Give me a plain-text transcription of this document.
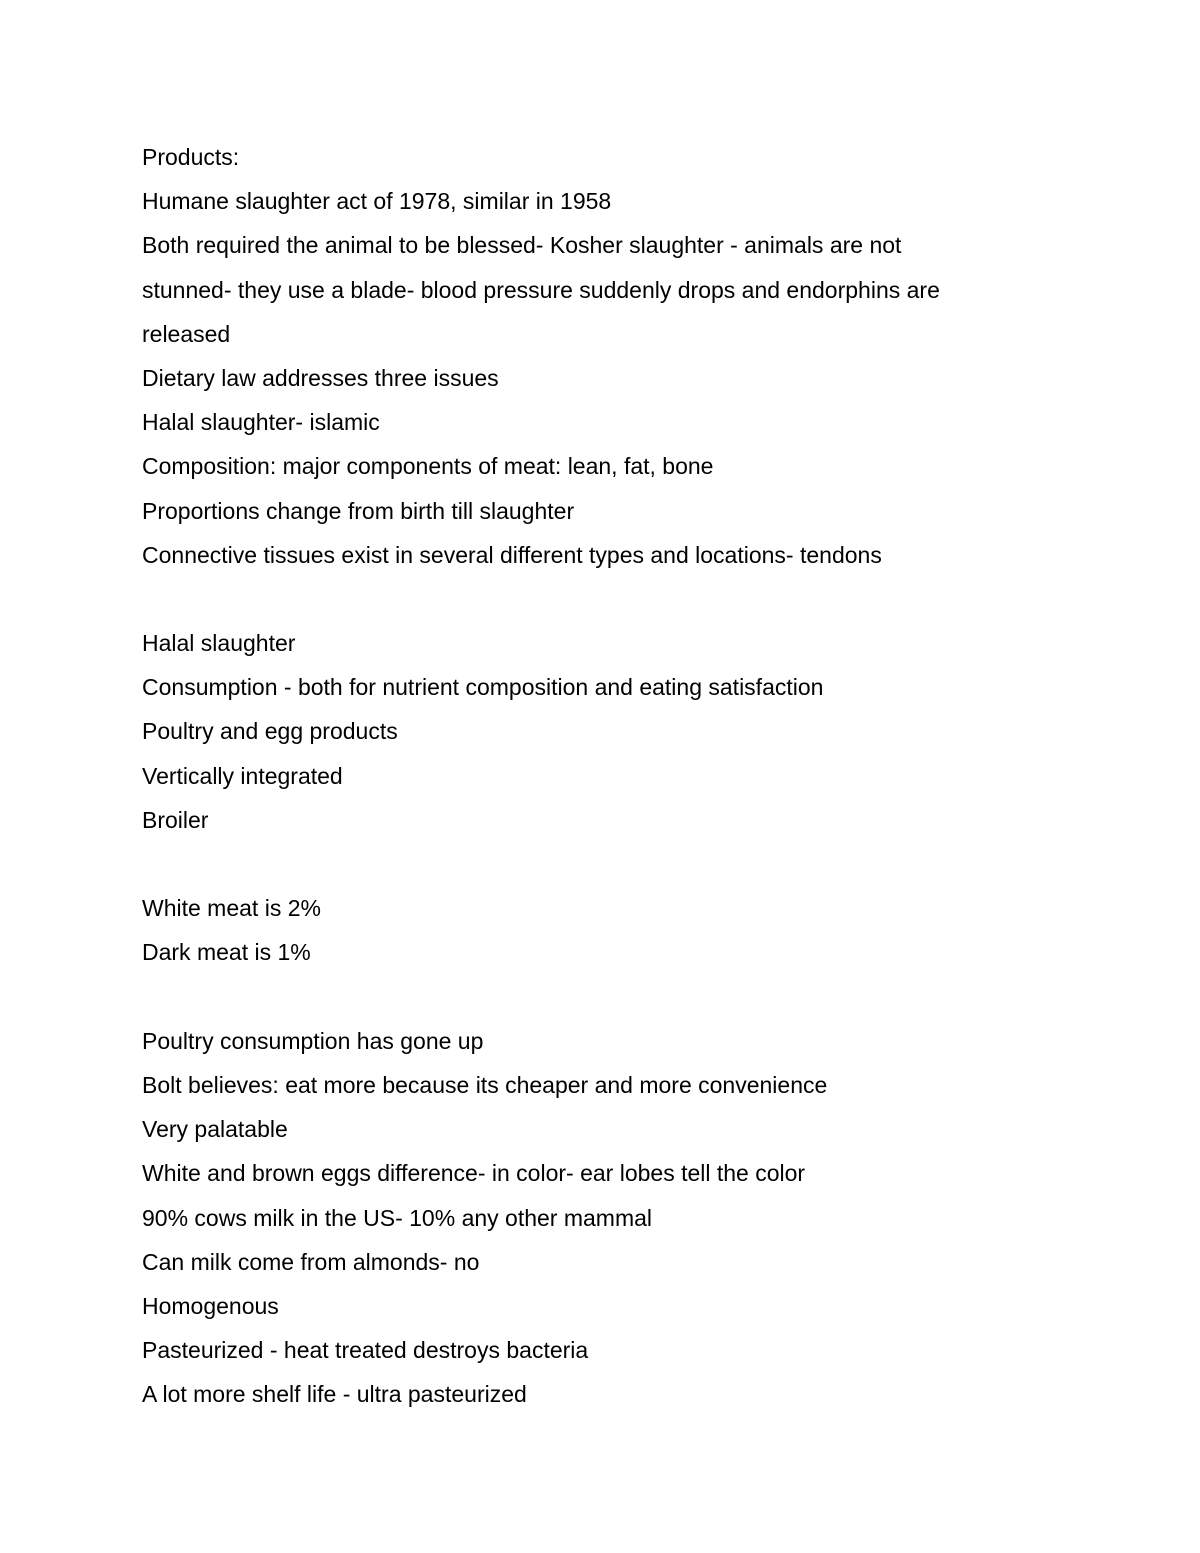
Products:
Humane slaughter act of 1978, similar in 1958
Both required the animal to be blessed- Kosher slaughter - animals are not
stunned- they use a blade- blood pressure suddenly drops and endorphins are
released
Dietary law addresses three issues
Halal slaughter- islamic
Composition: major components of meat: lean, fat, bone
Proportions change from birth till slaughter
Connective tissues exist in several different types and locations- tendons
Halal slaughter
Consumption - both for nutrient composition and eating satisfaction
Poultry and egg products
Vertically integrated
Broiler
White meat is 2%
Dark meat is 1%
Poultry consumption has gone up
Bolt believes: eat more because its cheaper and more convenience
Very palatable
White and brown eggs difference- in color- ear lobes tell the color
90% cows milk in the US- 10% any other mammal
Can milk come from almonds- no
Homogenous
Pasteurized - heat treated destroys bacteria
A lot more shelf life - ultra pasteurized
